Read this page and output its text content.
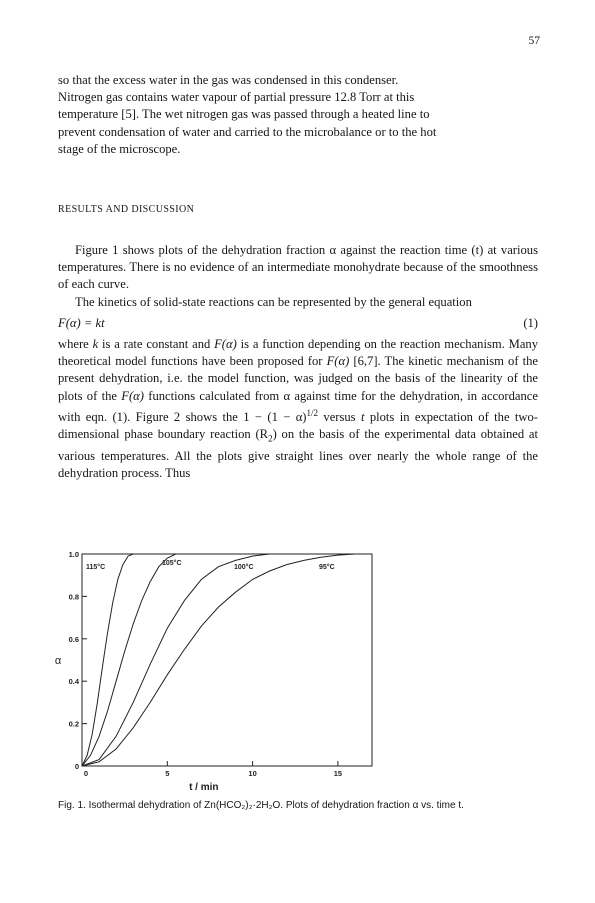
57

so that the excess water in the gas was condensed in this condenser.

Nitrogen gas contains water vapour of partial pressure 12.8 Torr at this

temperature [5]. The wet nitrogen gas was passed through a heated line to

prevent condensation of water and carried to the microbalance or to the hot

stage of the microscope.

RESULTS AND DISCUSSION

Figure 1 shows plots of the dehydration fraction α against the reaction time (t) at various temperatures. There is no evidence of an intermediate monohydrate because of the smoothness of each curve.

The kinetics of solid-state reactions can be represented by the general equation

F(α) = kt	(1)

where k is a rate constant and F(α) is a function depending on the reaction mechanism. Many theoretical model functions have been proposed for F(α) [6,7]. The kinetic mechanism of the present dehydration, i.e. the model function, was judged on the basis of the linearity of the plots of the F(α) functions calculated from α against time for the dehydration, in accordance with eqn. (1). Figure 2 shows the $1 - (1 - \alpha)^{1/2}$ versus t plots in expectation of the two-dimensional phase boundary reaction $(R_2)$ on the basis of the experimental data obtained at various temperatures. All the plots give straight lines over nearly the whole range of the dehydration process. Thus

0
0.2
0.4
0.6
0.8
1.0
0	5	10	15
t / min
α
115°C
105°C
100°C	95°C
Fig. 1. Isothermal dehydration of Zn(HCO₂)₂·2H₂O. Plots of dehydration fraction α vs. time t.
